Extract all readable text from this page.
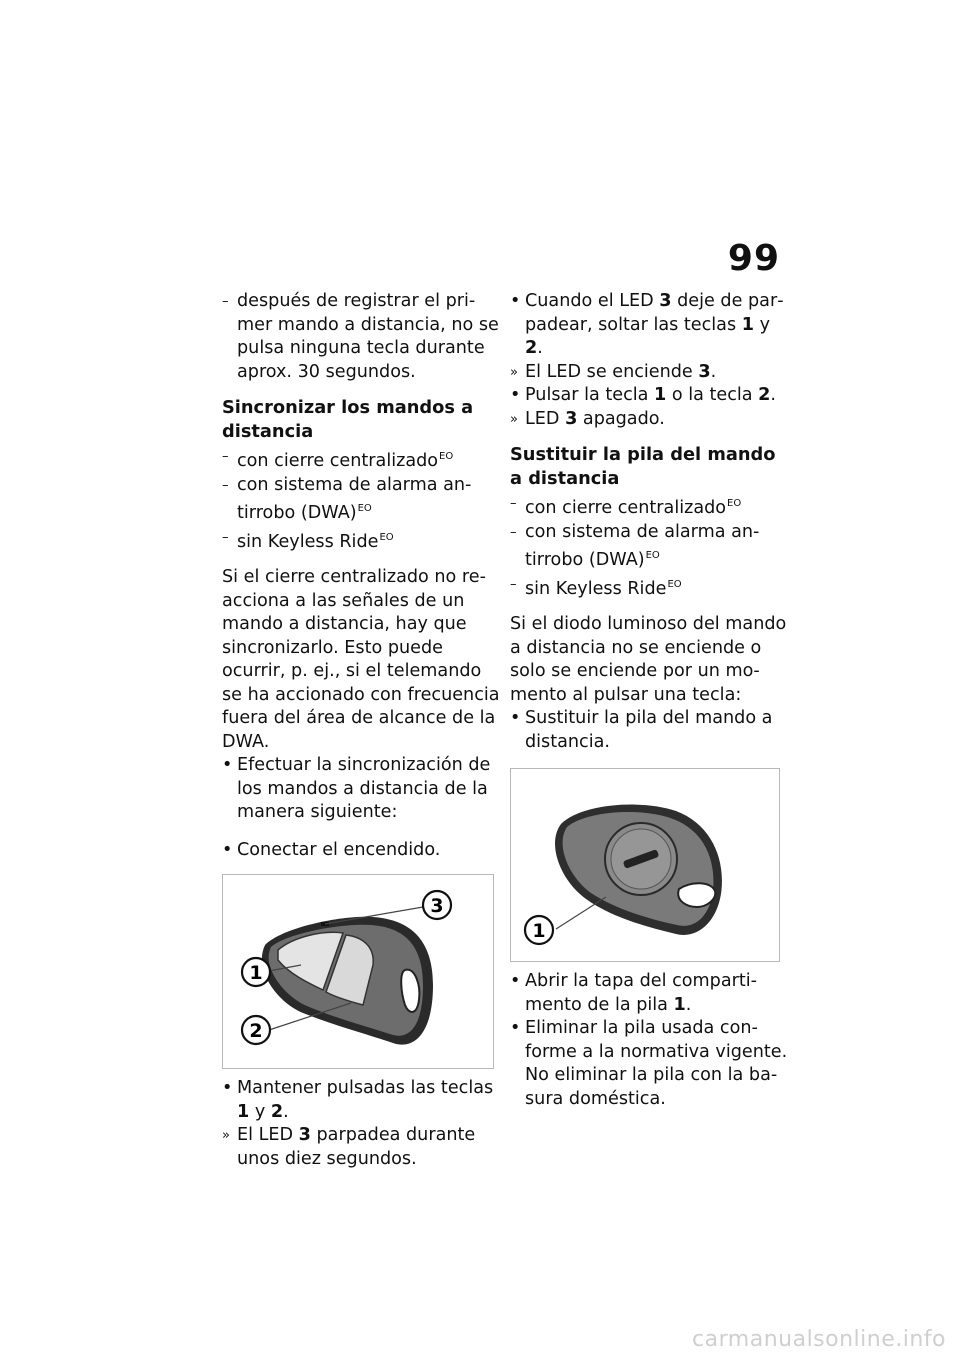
99
– después de registrar el primer mando a distancia, no se pulsa ninguna tecla durante aprox. 30 segundos.
Sincronizar los mandos a distancia
– con cierre centralizado$^{EO}$
– con sistema de alarma antirrobo (DWA)$^{EO}$
– sin Keyless Ride$^{EO}$
Si el cierre centralizado no reacciona a las señales de un mando a distancia, hay que sincronizarlo. Esto puede ocurrir, p. ej., si el telemando se ha accionado con frecuencia fuera del área de alcance de la DWA.
• Efectuar la sincronización de los mandos a distancia de la manera siguiente:
• Conectar el encendido.
3
1
2
• Mantener pulsadas las teclas 1 y 2.
» El LED 3 parpadea durante unos diez segundos.
• Cuando el LED 3 deje de parpadear, soltar las teclas 1 y 2.
» El LED se enciende 3.
• Pulsar la tecla 1 o la tecla 2.
» LED 3 apagado.
Sustituir la pila del mando a distancia
– con cierre centralizado$^{EO}$
– con sistema de alarma antirrobo (DWA)$^{EO}$
– sin Keyless Ride$^{EO}$
Si el diodo luminoso del mando a distancia no se enciende o solo se enciende por un momento al pulsar una tecla:
• Sustituir la pila del mando a distancia.
1
• Abrir la tapa del compartimento de la pila 1.
• Eliminar la pila usada conforme a la normativa vigente. No eliminar la pila con la basura doméstica.
carmanualsonline.info
